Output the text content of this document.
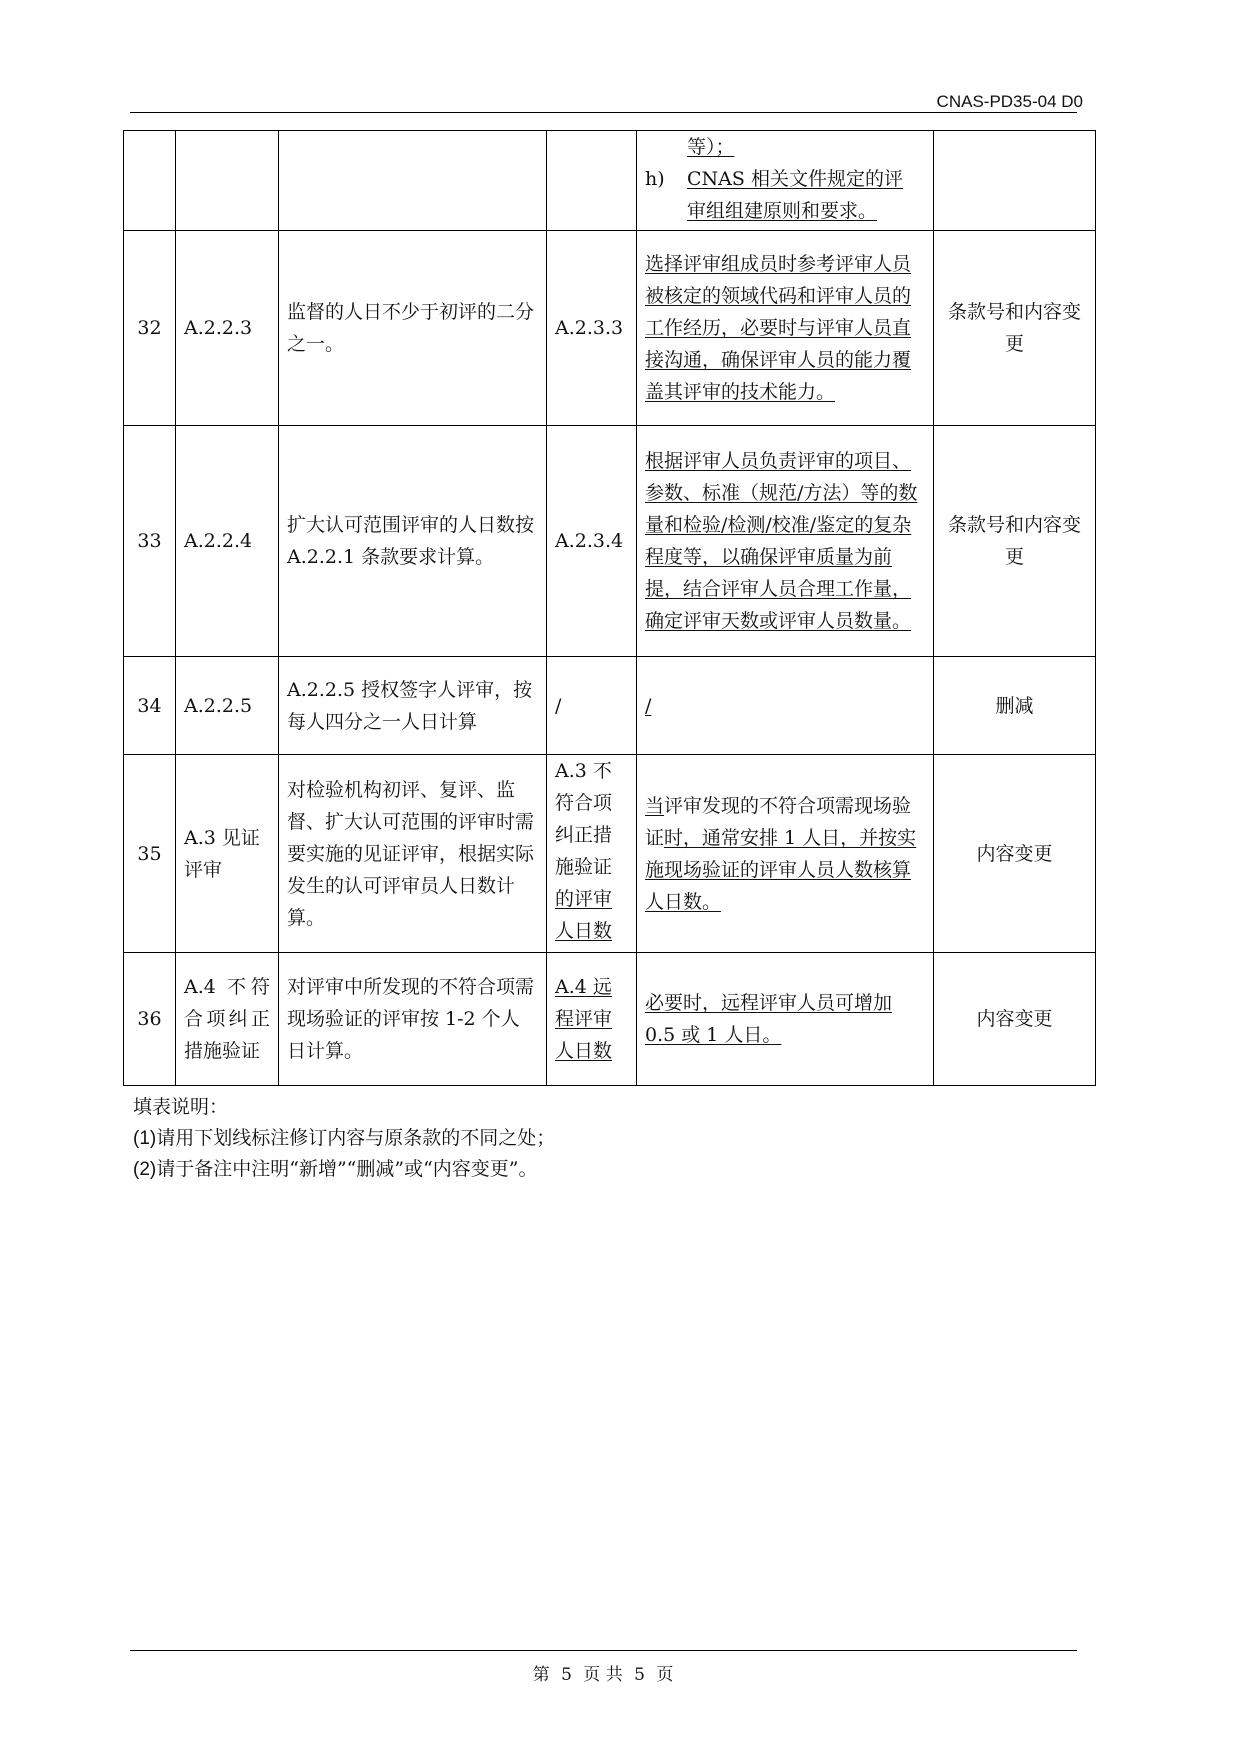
CNAS-PD35-04 D0

				等）；
h) CNAS 相关文件规定的评
审组组建原则和要求。	

32	A.2.2.3	监督的人日不少于初评的二分之一。	A.2.3.3	选择评审组成员时参考评审人员被核定的领域代码和评审人员的工作经历，必要时与评审人员直接沟通，确保评审人员的能力覆盖其评审的技术能力。	条款号和内容变更
33	A.2.2.4	扩大认可范围评审的人日数按 A.2.2.1 条款要求计算。	A.2.3.4	根据评审人员负责评审的项目、参数、标准（规范/方法）等的数量和检验/检测/校准/鉴定的复杂程度等，以确保评审质量为前提，结合评审人员合理工作量，确定评审天数或评审人员数量。	条款号和内容变更
34	A.2.2.5	A.2.2.5 授权签字人评审，按每人四分之一人日计算	/	/	删减
35	A.3 见证评审	对检验机构初评、复评、监督、扩大认可范围的评审时需要实施的见证评审，根据实际发生的认可评审员人日数计算。	A.3 不符合项纠正措施验证的评审人日数	当评审发现的不符合项需现场验证时，通常安排 1 人日，并按实施现场验证的评审人员人数核算人日数。	内容变更
36	A.4 不符合项纠正措施验证	对评审中所发现的不符合项需现场验证的评审按 1-2 个人日计算。	A.4 远程评审人日数	必要时，远程评审人员可增加 0.5 或 1 人日。	内容变更
填表说明：
(1)请用下划线标注修订内容与原条款的不同之处；
(2)请于备注中注明“新增”“删减”或“内容变更”。
第 5 页 共 5 页
